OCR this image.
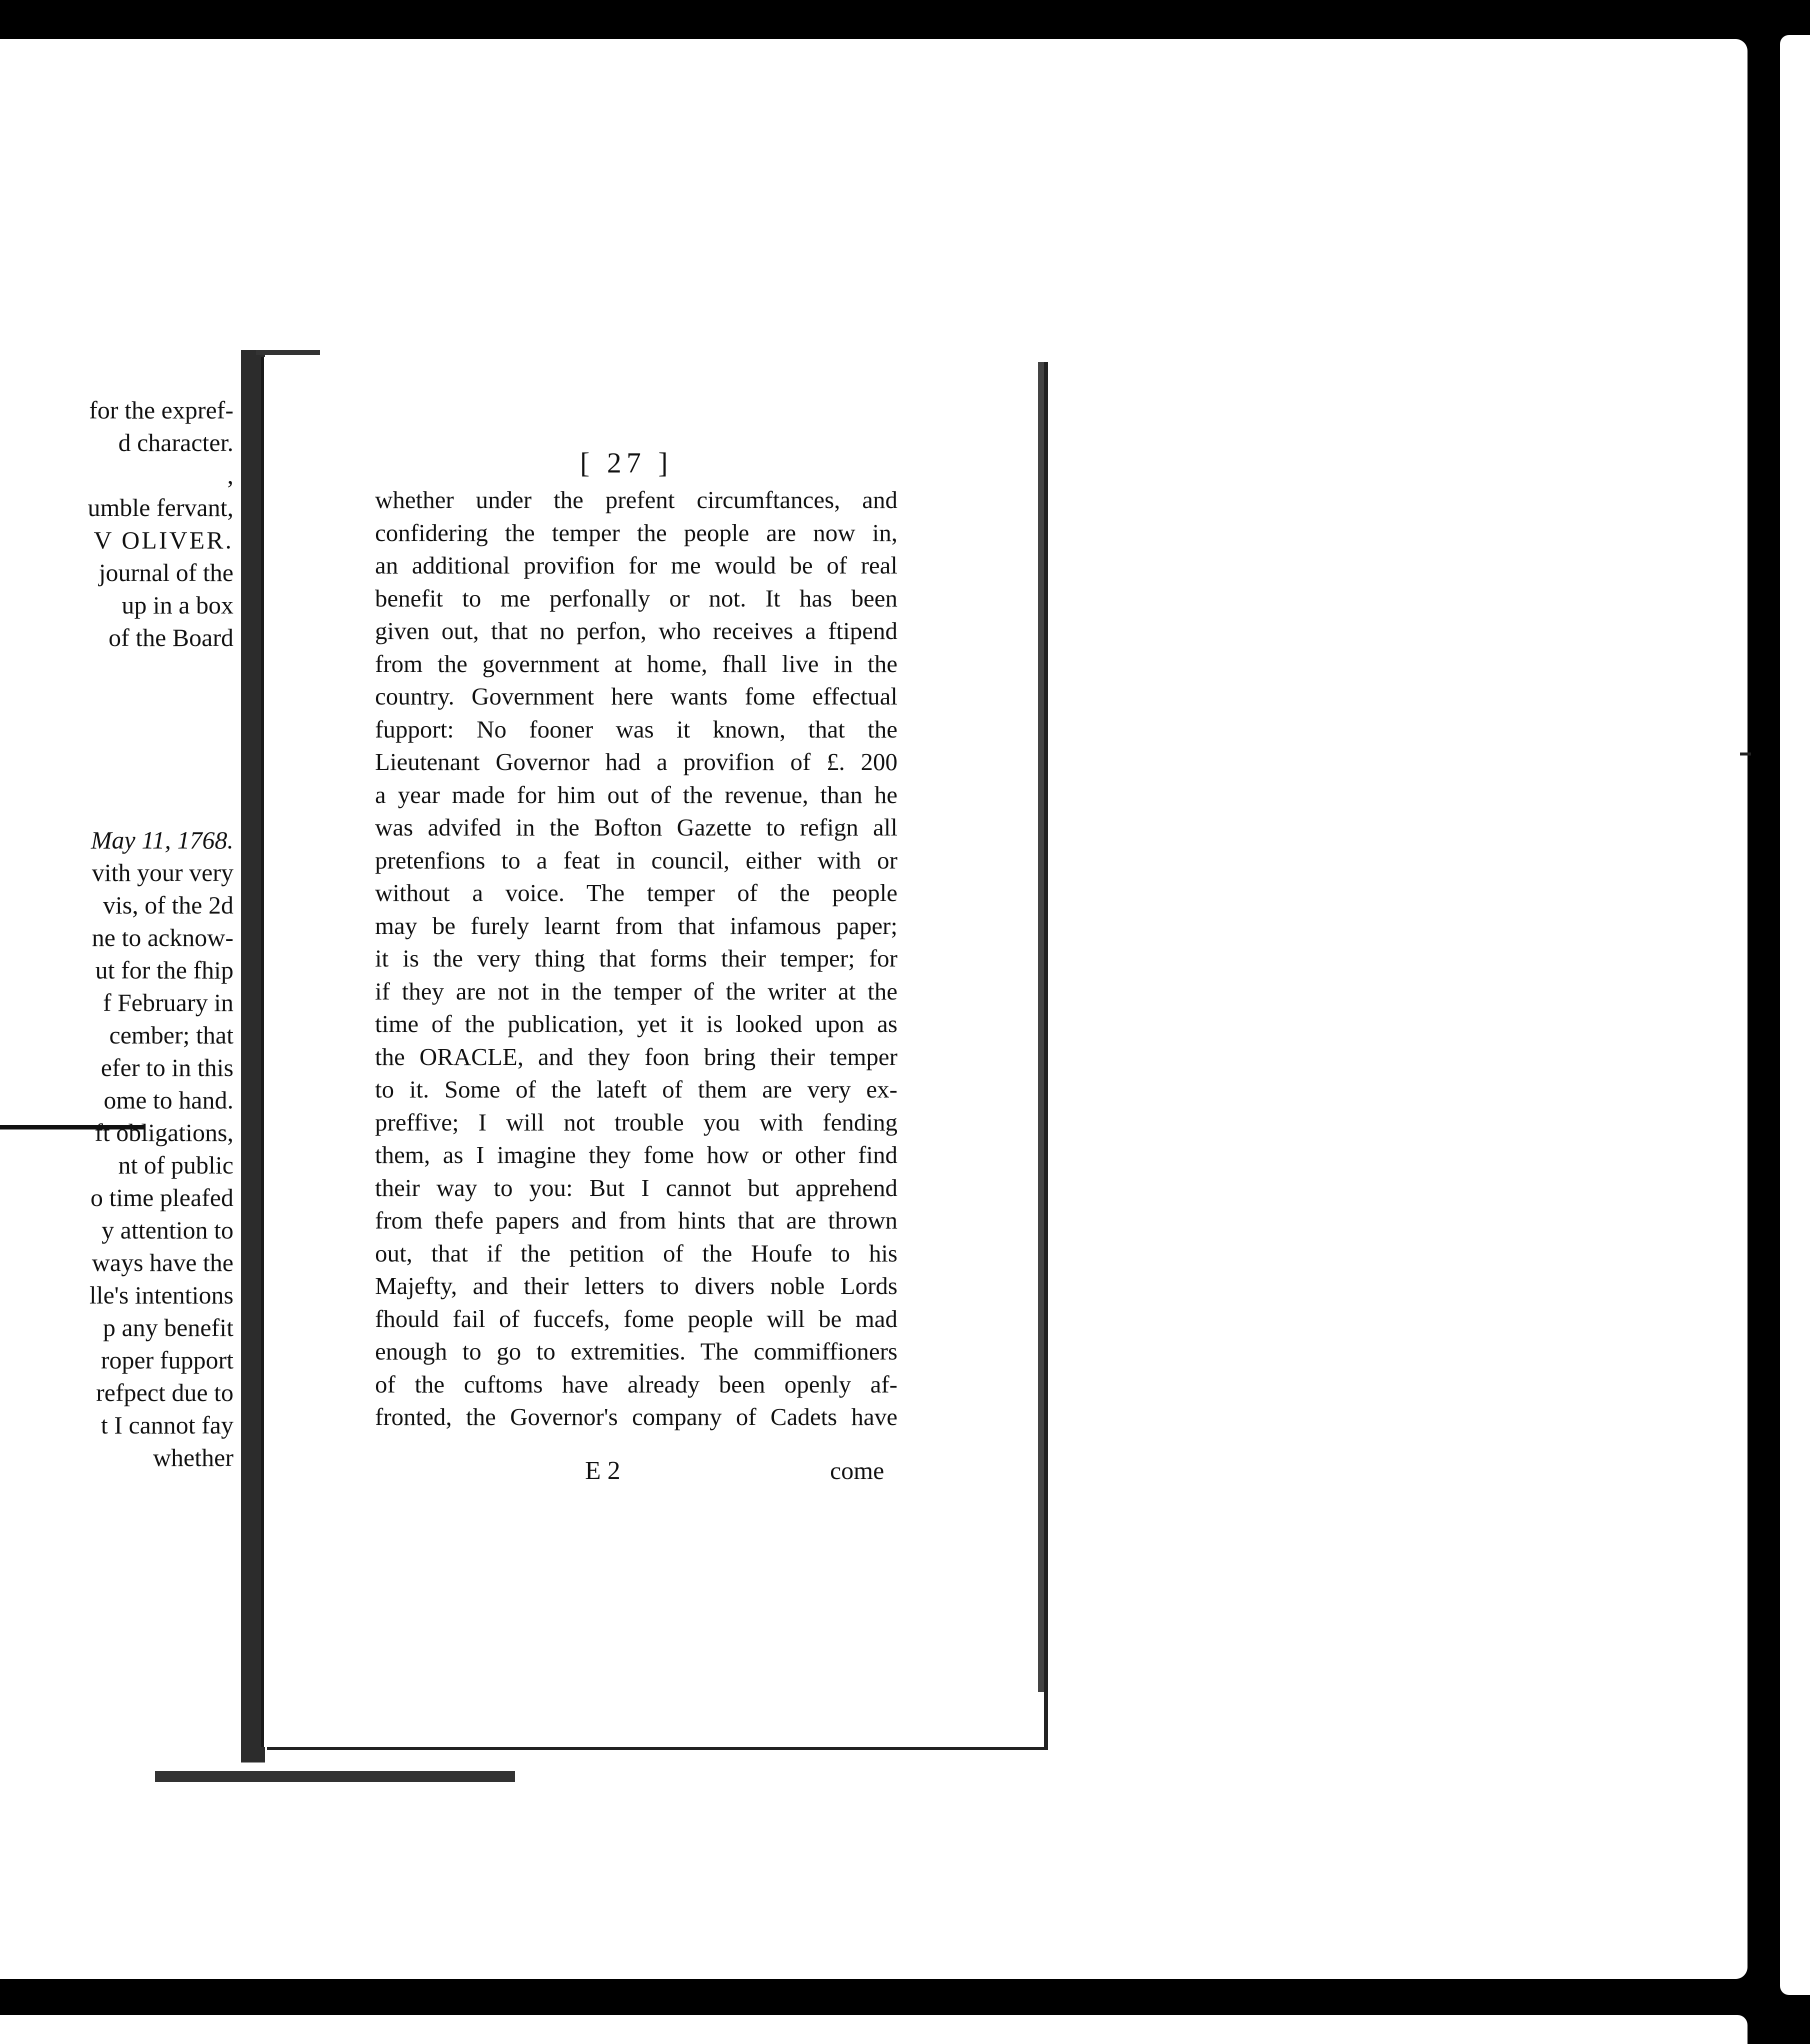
for the expref-
d character.
,
umble fervant,
V OLIVER.
journal of the
up in a box
of the Board
May 11, 1768.
vith your very
vis, of the 2d
ne to acknow-
ut for the fhip
f February in
cember; that
efer to in this
ome to hand.
ft obligations,
nt of public
o time pleafed
y attention to
ways have the
lle's intentions
p any benefit
roper fupport
refpect due to
t I cannot fay
whether
[ 27 ]
whether under the prefent circumftances, and
confidering the temper the people are now in,
an additional provifion for me would be of real
benefit to me perfonally or not. It has been
given out, that no perfon, who receives a ftipend
from the government at home, fhall live in the
country. Government here wants fome effectual
fupport: No fooner was it known, that the
Lieutenant Governor had a provifion of £. 200
a year made for him out of the revenue, than he
was advifed in the Bofton Gazette to refign all
pretenfions to a feat in council, either with or
without a voice. The temper of the people
may be furely learnt from that infamous paper;
it is the very thing that forms their temper; for
if they are not in the temper of the writer at the
time of the publication, yet it is looked upon as
the ORACLE, and they foon bring their temper
to it. Some of the lateft of them are very ex-
preffive; I will not trouble you with fending
them, as I imagine they fome how or other find
their way to you: But I cannot but apprehend
from thefe papers and from hints that are thrown
out, that if the petition of the Houfe to his
Majefty, and their letters to divers noble Lords
fhould fail of fuccefs, fome people will be mad
enough to go to extremities. The commiffioners
of the cuftoms have already been openly af-
fronted, the Governor's company of Cadets have
E 2	come
